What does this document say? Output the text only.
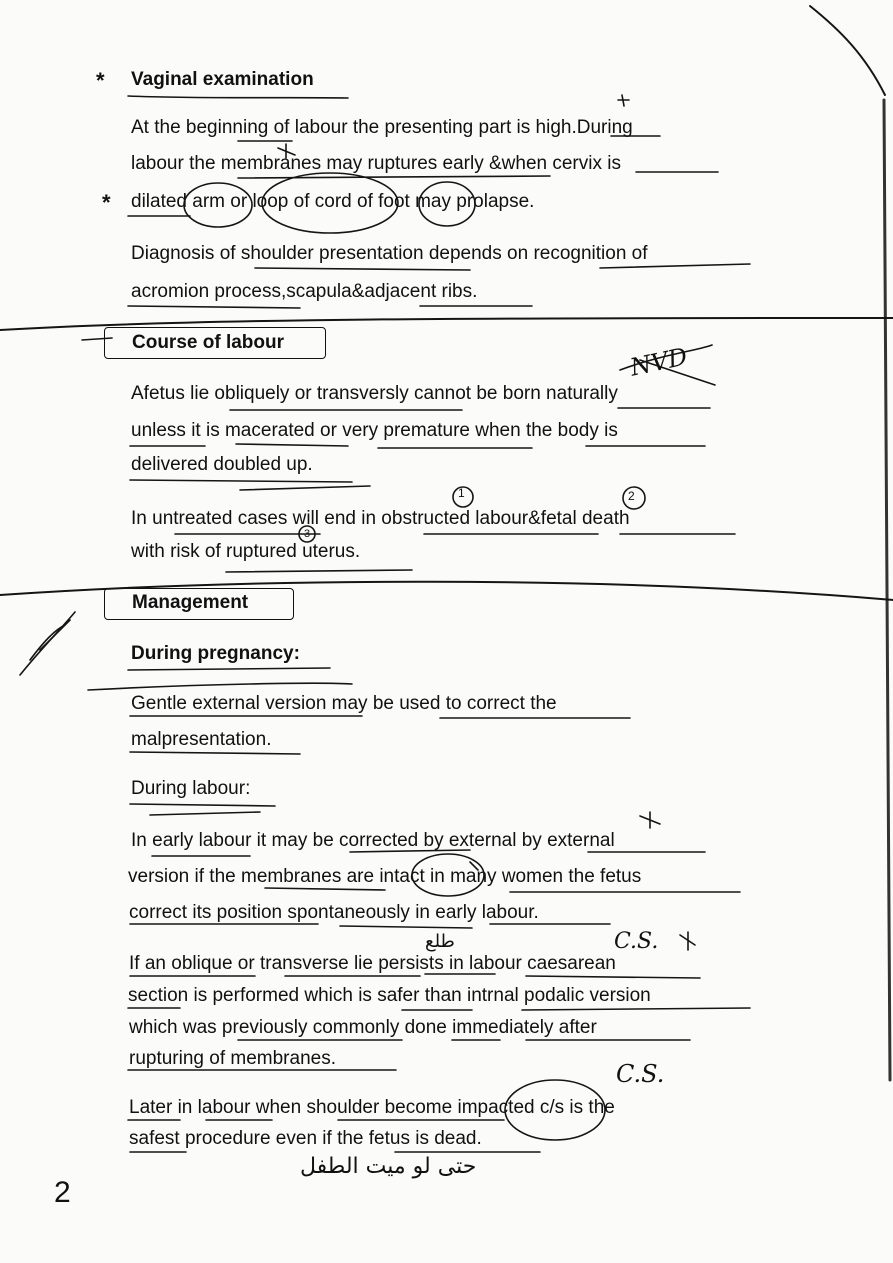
* Vaginal examination
At the beginning of labour the presenting part is high.During
labour the membranes may ruptures early &when cervix is
* dilated arm or loop of cord of foot may prolapse.
Diagnosis of shoulder presentation depends on recognition of
acromion process,scapula&adjacent ribs.
Course of labour	NVD
Afetus lie obliquely or transversly cannot be born naturally
unless it is macerated or very premature when the body is
delivered doubled up.
In untreated cases will end in obstructed labour&fetal death
with risk of ruptured uterus.
1	2
3
Management
During pregnancy:
Gentle external version may be used to correct the
malpresentation.
During labour:
In early labour it may be corrected by external by external
version if the membranes are intact in many women the fetus
correct its position spontaneously in early labour.
طلع	C.S.
If an oblique or transverse lie persists in labour caesarean
section is performed which is safer than intrnal podalic version
which was previously commonly done immediately after
rupturing of membranes.
C.S.
Later in labour when shoulder become impacted c/s is the
safest procedure even if the fetus is dead.
حتى لو ميت الطفل
2
